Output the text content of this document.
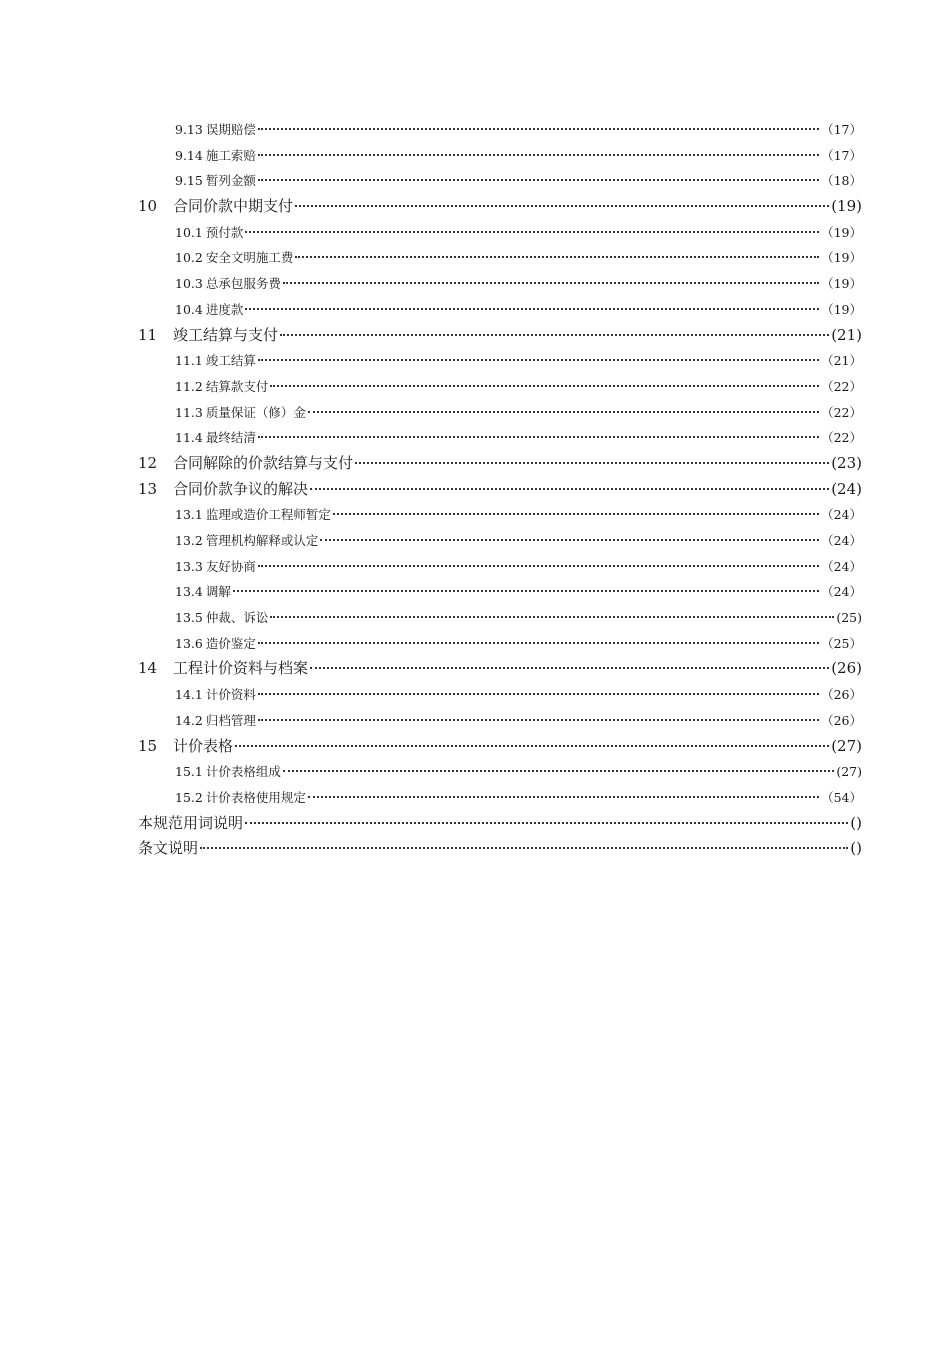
9.13 误期赔偿	（17）
9.14 施工索赔	（17）
9.15 暂列金额	（18）
10	合同价款中期支付	(19)
10.1 预付款	（19）
10.2 安全文明施工费	（19）
10.3 总承包服务费	（19）
10.4 进度款	（19）
11	竣工结算与支付	(21)
11.1 竣工结算	（21）
11.2 结算款支付	（22）
11.3 质量保证（修）金	（22）
11.4 最终结清	（22）
12	合同解除的价款结算与支付	(23)
13	合同价款争议的解决	(24)
13.1 监理或造价工程师暂定	（24）
13.2 管理机构解释或认定	（24）
13.3 友好协商	（24）
13.4 调解	（24）
13.5 仲裁、诉讼	(25)
13.6 造价鉴定	（25）
14	工程计价资料与档案	(26)
14.1 计价资料	（26）
14.2 归档管理	（26）
15	计价表格	(27)
15.1 计价表格组成	(27)
15.2 计价表格使用规定	（54）
本规范用词说明	()
条文说明	()
